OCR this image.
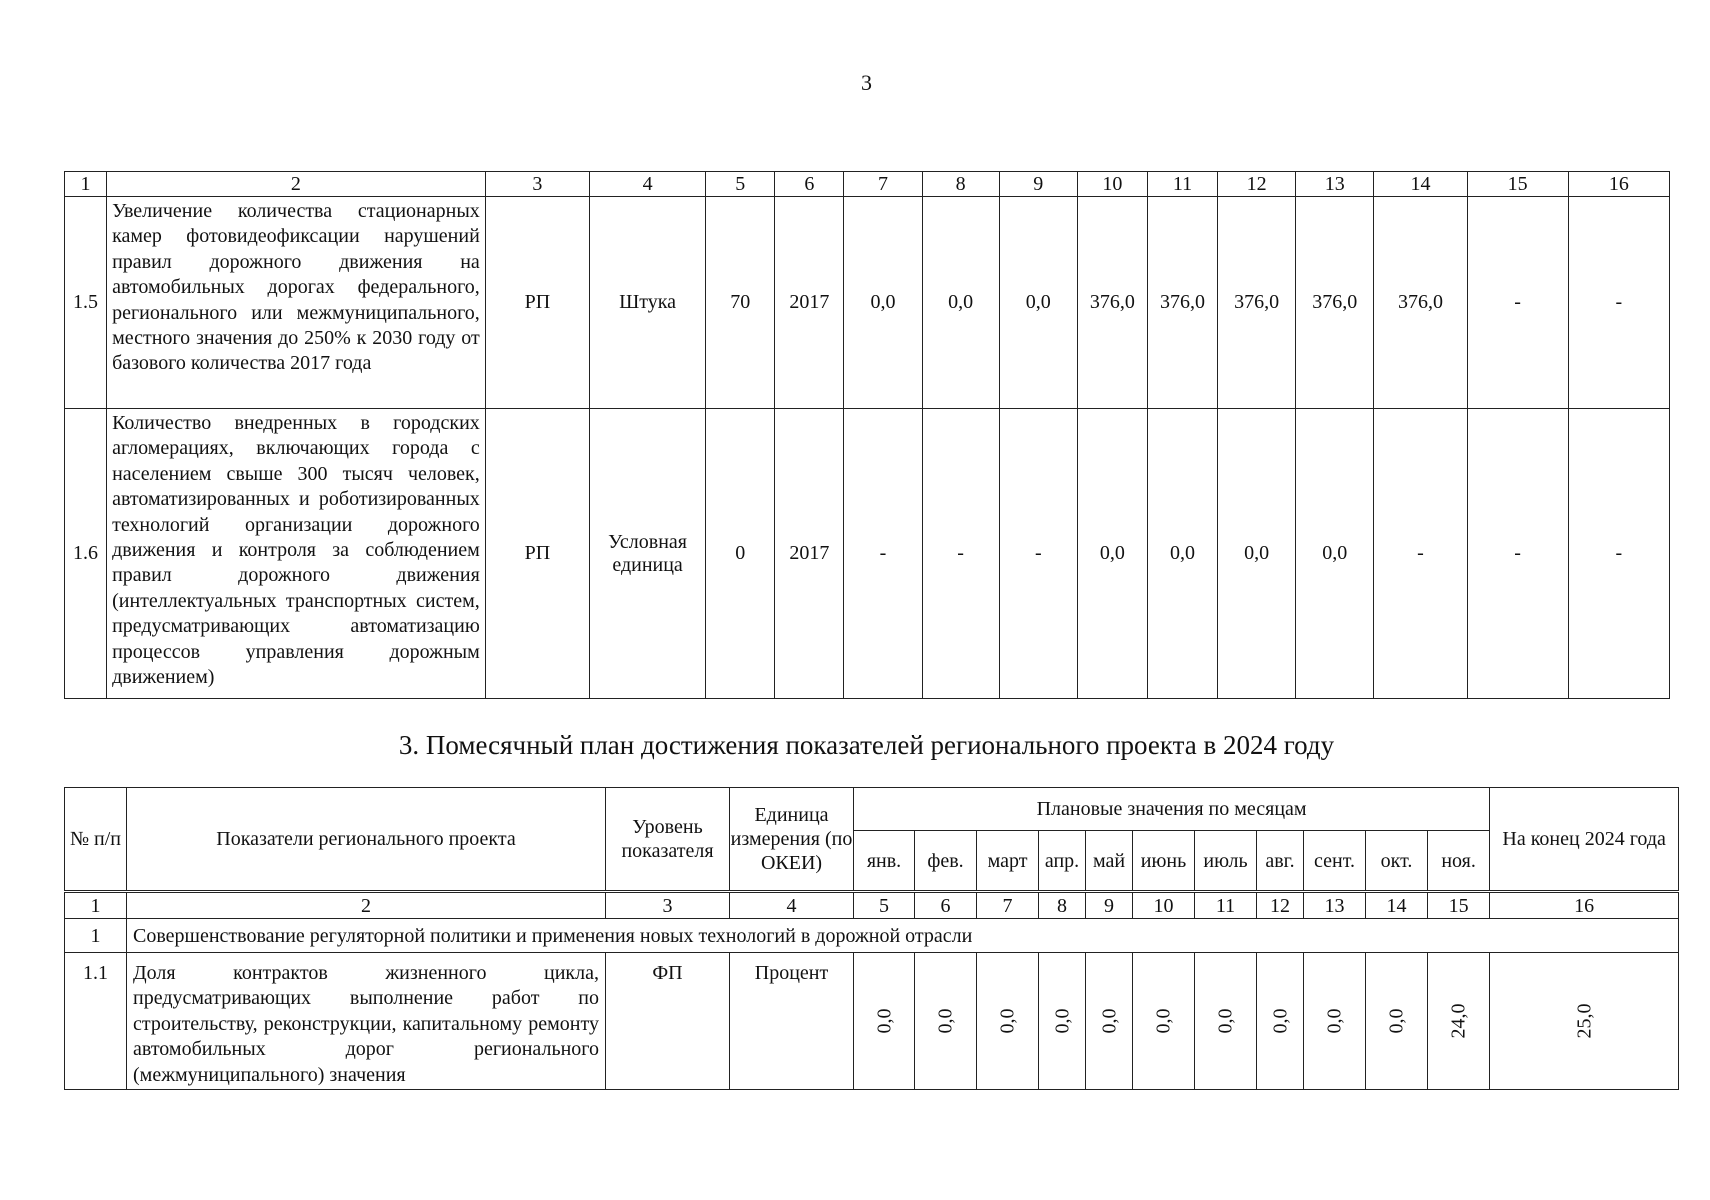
3
1	2	3	4	5	6	7	8	9	10	11	12	13	14	15	16
1.5	Увеличение количества стационарных камер фотовидеофиксации нарушений правил дорожного движения на автомобильных дорогах федерального, регионального или межмуниципального, местного значения до 250% к 2030 году от базового количества 2017 года	РП	Штука	70	2017	0,0	0,0	0,0	376,0	376,0	376,0	376,0	376,0	-	-
1.6	Количество внедренных в городских агломерациях, включающих города с населением свыше 300 тысяч человек, автоматизированных и роботизированных технологий организации дорожного движения и контроля за соблюдением правил дорожного движения (интеллектуальных транспортных систем, предусматривающих автоматизацию процессов управления дорожным движением)	РП	Условная единица	0	2017	-	-	-	0,0	0,0	0,0	0,0	-	-	-
3. Помесячный план достижения показателей регионального проекта в 2024 году
№ п/п	Показатели регионального проекта	Уровень показателя	Единица измерения (по ОКЕИ)	Плановые значения по месяцам											На конец 2024 года
				янв.	фев.	март	апр.	май	июнь	июль	авг.	сент.	окт.	ноя.	
1	2	3	4	5	6	7	8	9	10	11	12	13	14	15	16
1	Совершенствование регуляторной политики и применения новых технологий в дорожной отрасли														
1.1	Доля контрактов жизненного цикла, предусматривающих выполнение работ по строительству, реконструкции, капитальному ремонту автомобильных дорог регионального (межмуниципального) значения	ФП	Процент	0,0	0,0	0,0	0,0	0,0	0,0	0,0	0,0	0,0	0,0	24,0	25,0
